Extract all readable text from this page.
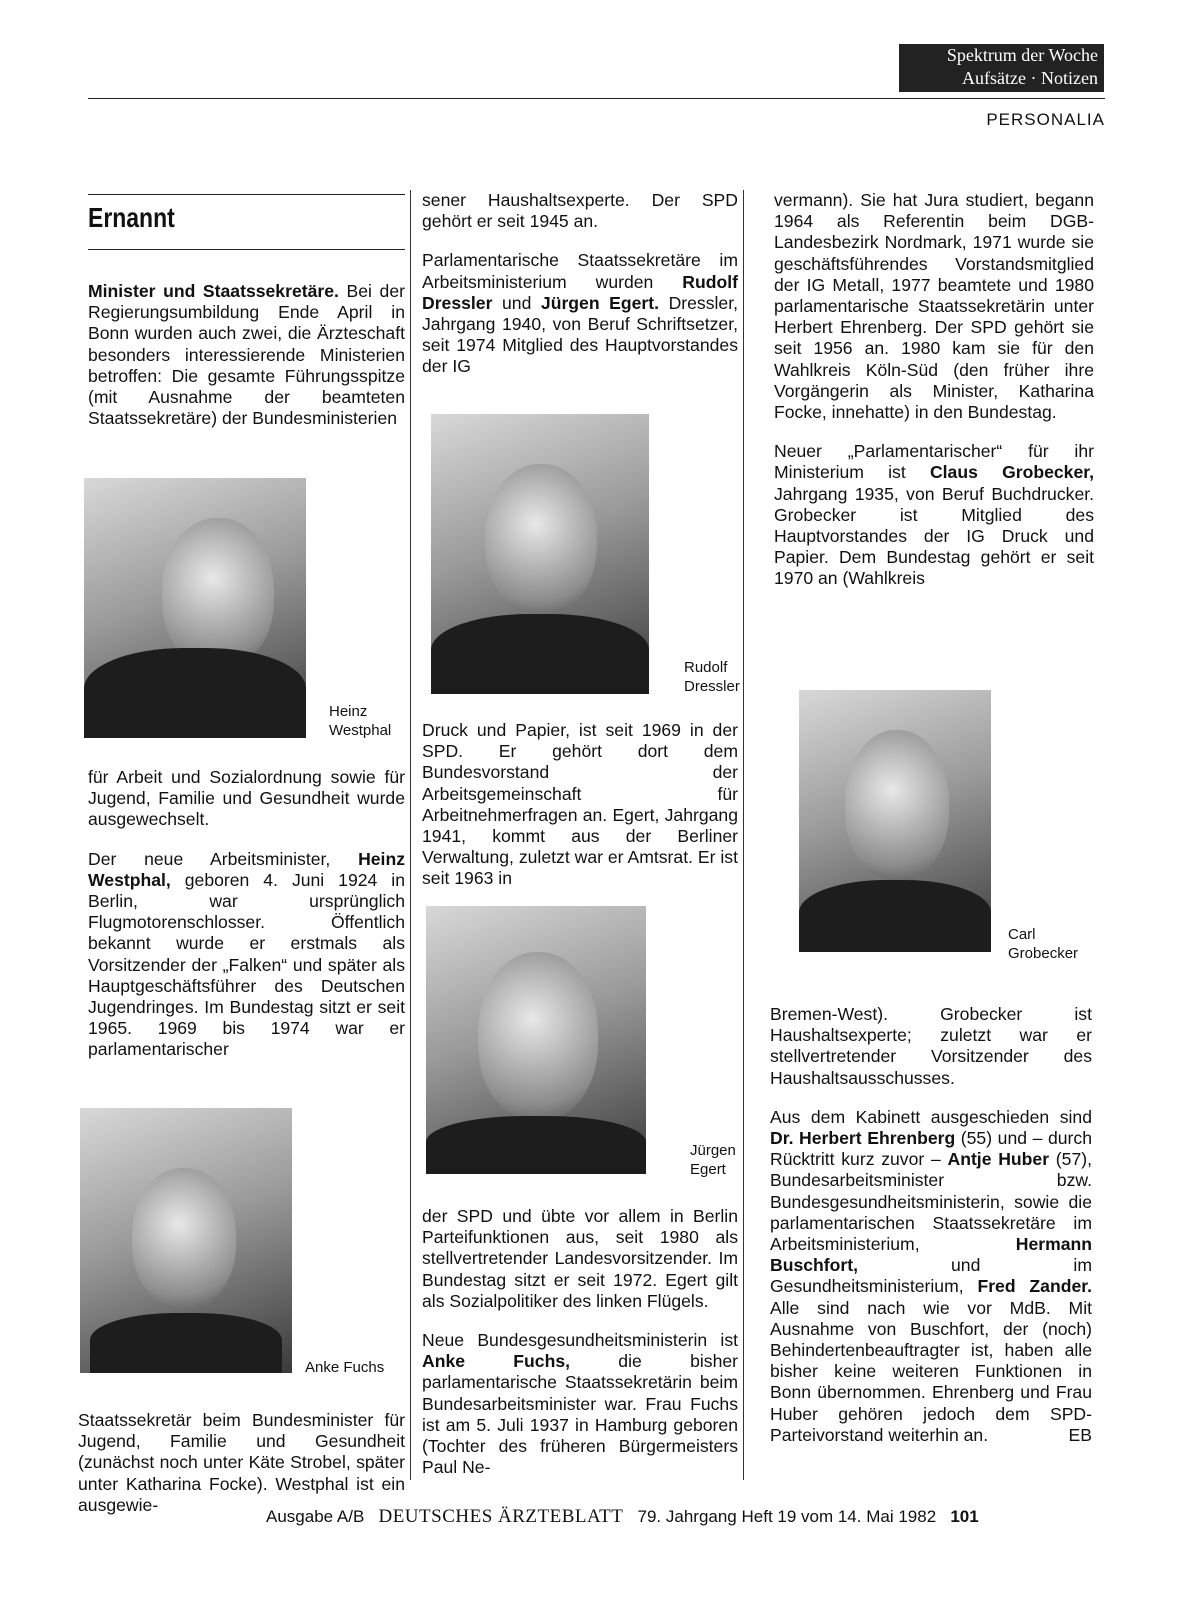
Spektrum der Woche
Aufsätze · Notizen
PERSONALIA
Ernannt

Minister und Staatssekretäre. Bei der Regierungsumbildung Ende April in Bonn wurden auch zwei, die Ärzteschaft besonders interessierende Ministerien betroffen: Die gesamte Führungsspitze (mit Ausnahme der beamteten Staatssekretäre) der Bundesministerien

Heinz
Westphal

für Arbeit und Sozialordnung sowie für Jugend, Familie und Gesundheit wurde ausgewechselt.

Der neue Arbeitsminister, Heinz Westphal, geboren 4. Juni 1924 in Berlin, war ursprünglich Flugmotorenschlosser. Öffentlich bekannt wurde er erstmals als Vorsitzender der „Falken“ und später als Hauptgeschäftsführer des Deutschen Jugendringes. Im Bundestag sitzt er seit 1965. 1969 bis 1974 war er parlamentarischer

Anke Fuchs

Staatssekretär beim Bundesminister für Jugend, Familie und Gesundheit (zunächst noch unter Käte Strobel, später unter Katharina Focke). Westphal ist ein ausgewie-

sener Haushaltsexperte. Der SPD gehört er seit 1945 an.

Parlamentarische Staatssekretäre im Arbeitsministerium wurden Rudolf Dressler und Jürgen Egert. Dressler, Jahrgang 1940, von Beruf Schriftsetzer, seit 1974 Mitglied des Hauptvorstandes der IG

Rudolf
Dressler

Druck und Papier, ist seit 1969 in der SPD. Er gehört dort dem Bundesvorstand der Arbeitsgemeinschaft für Arbeitnehmerfragen an. Egert, Jahrgang 1941, kommt aus der Berliner Verwaltung, zuletzt war er Amtsrat. Er ist seit 1963 in

Jürgen
Egert

der SPD und übte vor allem in Berlin Parteifunktionen aus, seit 1980 als stellvertretender Landesvorsitzender. Im Bundestag sitzt er seit 1972. Egert gilt als Sozialpolitiker des linken Flügels.

Neue Bundesgesundheitsministerin ist Anke Fuchs, die bisher parlamentarische Staatssekretärin beim Bundesarbeitsminister war. Frau Fuchs ist am 5. Juli 1937 in Hamburg geboren (Tochter des früheren Bürgermeisters Paul Ne-

vermann). Sie hat Jura studiert, begann 1964 als Referentin beim DGB-Landesbezirk Nordmark, 1971 wurde sie geschäftsführendes Vorstandsmitglied der IG Metall, 1977 beamtete und 1980 parlamentarische Staatssekretärin unter Herbert Ehrenberg. Der SPD gehört sie seit 1956 an. 1980 kam sie für den Wahlkreis Köln-Süd (den früher ihre Vorgängerin als Minister, Katharina Focke, innehatte) in den Bundestag.

Neuer „Parlamentarischer“ für ihr Ministerium ist Claus Grobecker, Jahrgang 1935, von Beruf Buchdrucker. Grobecker ist Mitglied des Hauptvorstandes der IG Druck und Papier. Dem Bundestag gehört er seit 1970 an (Wahlkreis

Carl
Grobecker

Bremen-West). Grobecker ist Haushaltsexperte; zuletzt war er stellvertretender Vorsitzender des Haushaltsausschusses.

Aus dem Kabinett ausgeschieden sind Dr. Herbert Ehrenberg (55) und – durch Rücktritt kurz zuvor – Antje Huber (57), Bundesarbeitsminister bzw. Bundesgesundheitsministerin, sowie die parlamentarischen Staatssekretäre im Arbeitsministerium, Hermann Buschfort, und im Gesundheitsministerium, Fred Zander. Alle sind nach wie vor MdB. Mit Ausnahme von Buschfort, der (noch) Behindertenbeauftragter ist, haben alle bisher keine weiteren Funktionen in Bonn übernommen. Ehrenberg und Frau Huber gehören jedoch dem SPD-Parteivorstand weiterhin an.	EB
Ausgabe A/B DEUTSCHES ÄRZTEBLATT 79. Jahrgang Heft 19 vom 14. Mai 1982 101
